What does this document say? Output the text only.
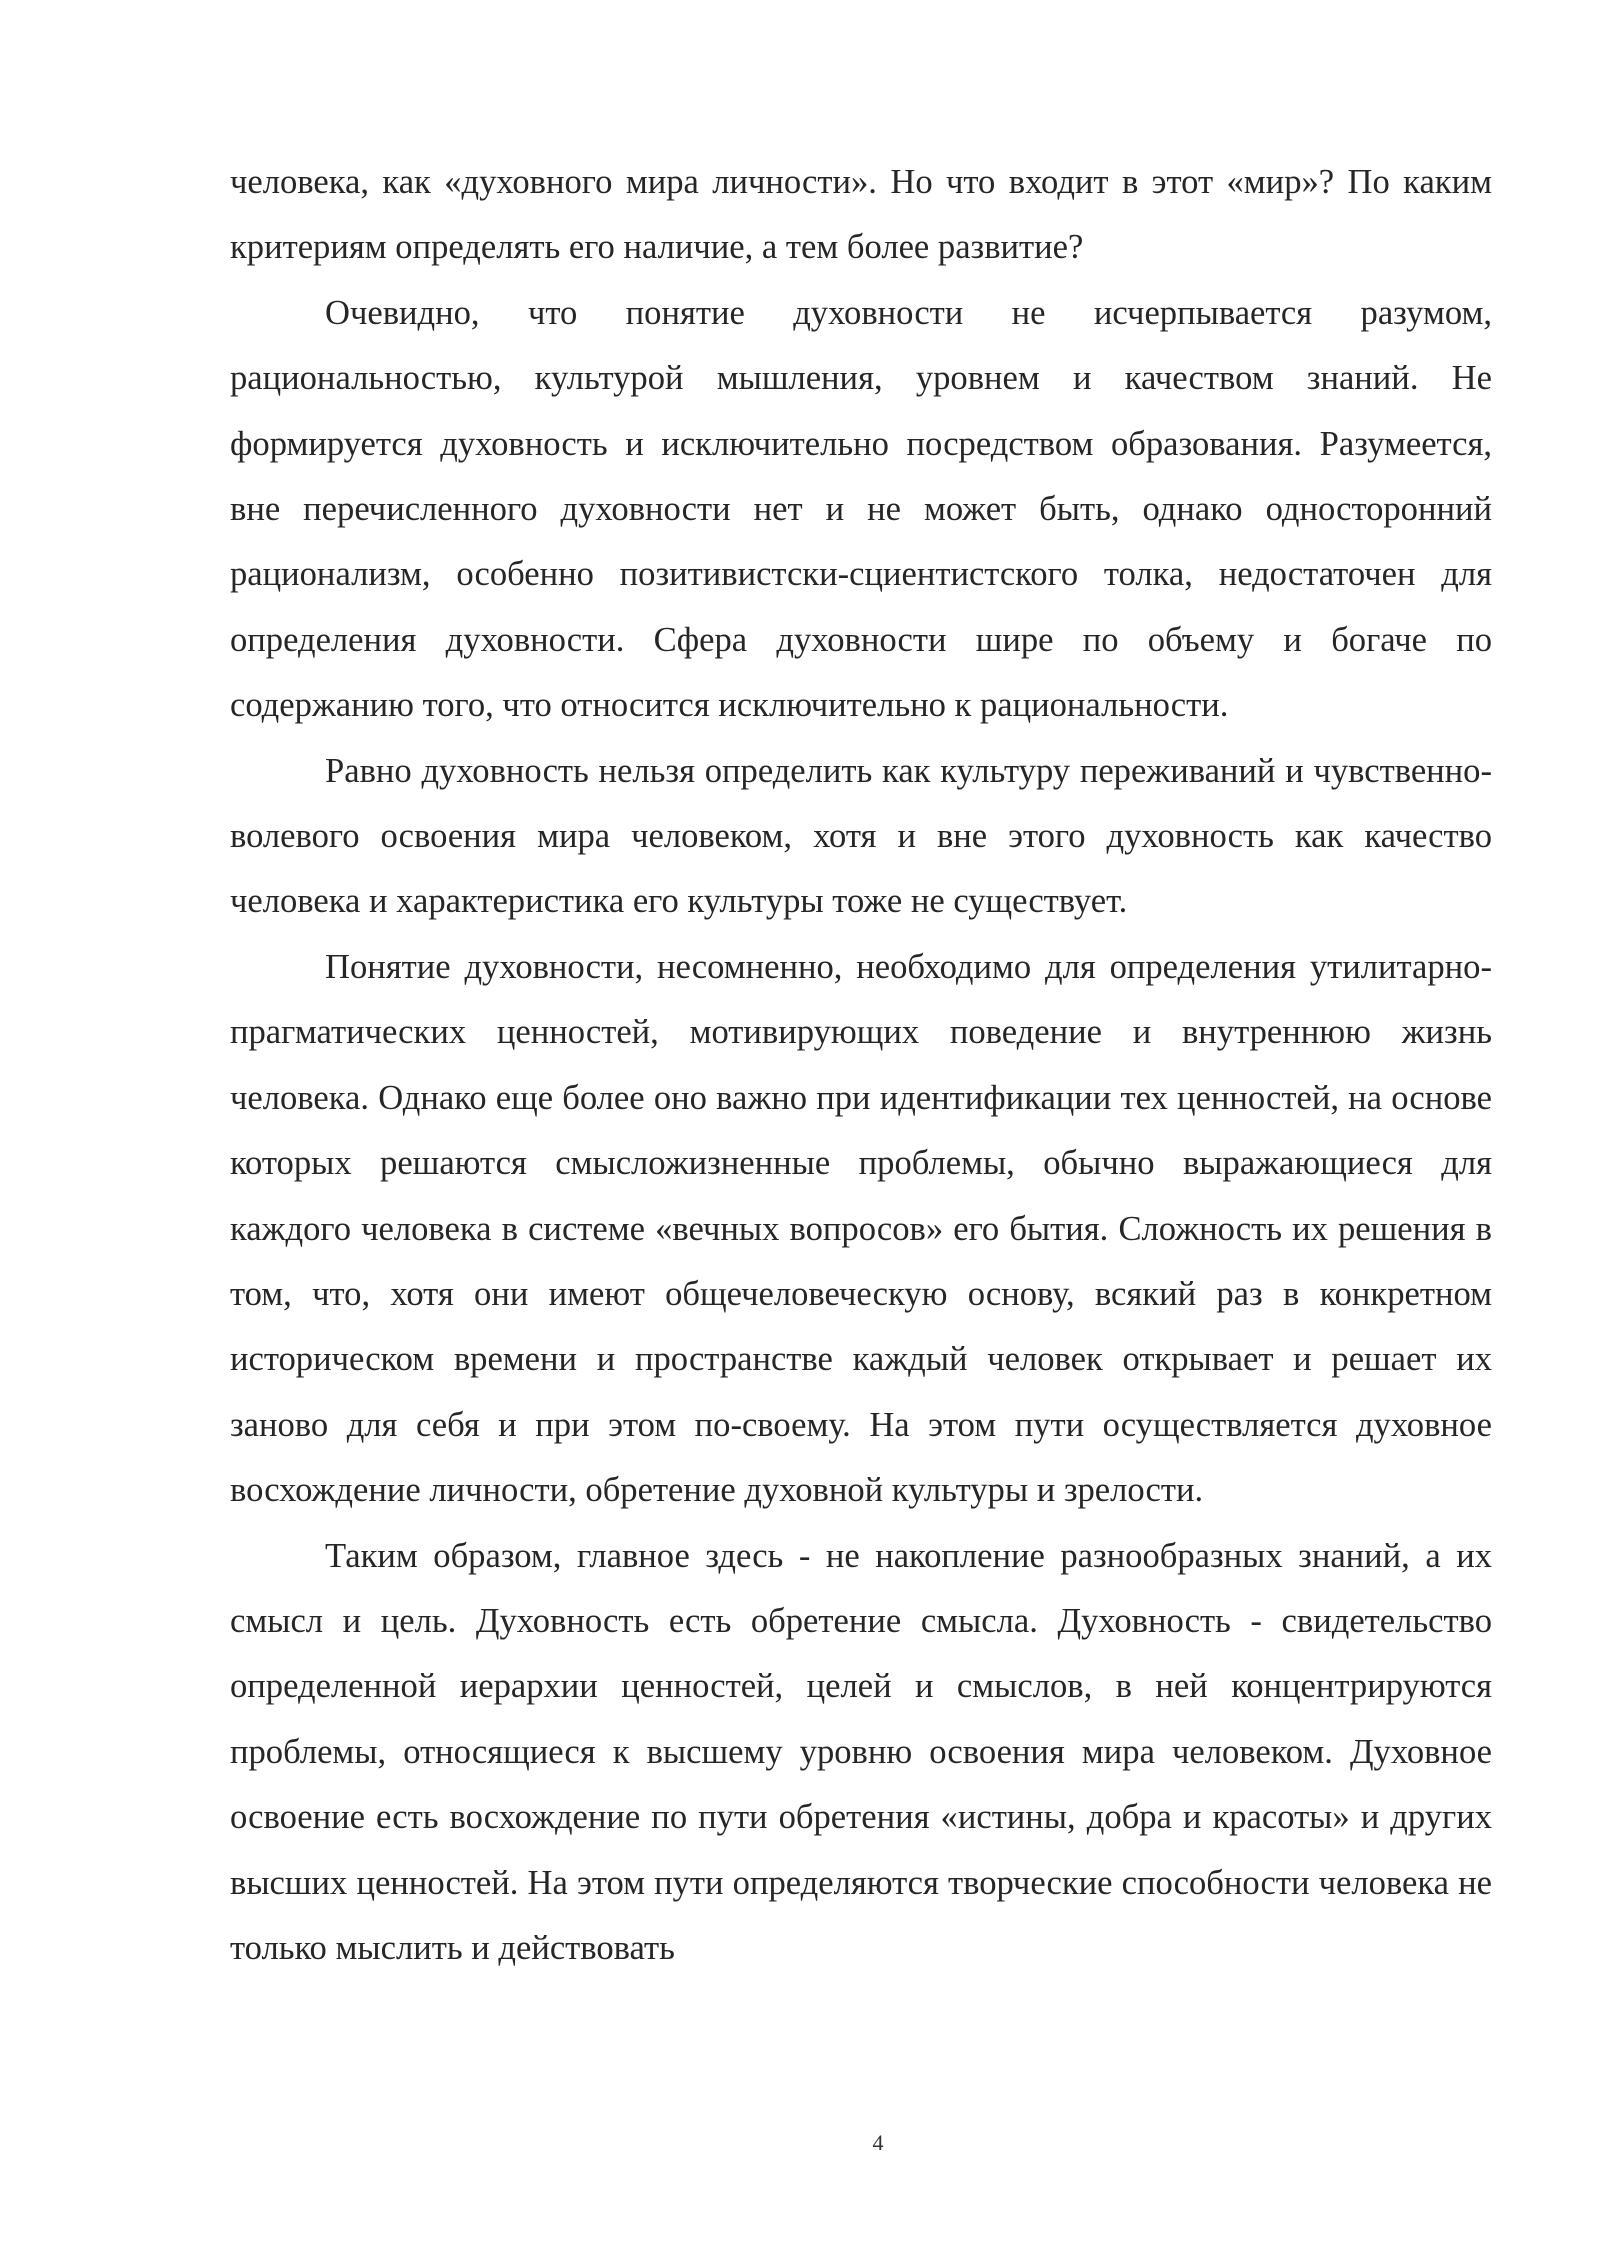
человека, как «духовного мира личности». Но что входит в этот «мир»? По каким критериям определять его наличие, а тем более развитие?

Очевидно, что понятие духовности не исчерпывается разумом, рациональностью, культурой мышления, уровнем и качеством знаний. Не формируется духовность и исключительно посредством образования. Разумеется, вне перечисленного духовности нет и не может быть, однако односторонний рационализм, особенно позитивистски-сциентистского толка, недостаточен для определения духовности. Сфера духовности шире по объему и богаче по содержанию того, что относится исключительно к рациональности.

Равно духовность нельзя определить как культуру переживаний и чувственно-волевого освоения мира человеком, хотя и вне этого духовность как качество человека и характеристика его культуры тоже не существует.

Понятие духовности, несомненно, необходимо для определения утилитарно-прагматических ценностей, мотивирующих поведение и внутреннюю жизнь человека. Однако еще более оно важно при идентификации тех ценностей, на основе которых решаются смысложизненные проблемы, обычно выражающиеся для каждого человека в системе «вечных вопросов» его бытия. Сложность их решения в том, что, хотя они имеют общечеловеческую основу, всякий раз в конкретном историческом времени и пространстве каждый человек открывает и решает их заново для себя и при этом по-своему. На этом пути осуществляется духовное восхождение личности, обретение духовной культуры и зрелости.

Таким образом, главное здесь - не накопление разнообразных знаний, а их смысл и цель. Духовность есть обретение смысла. Духовность - свидетельство определенной иерархии ценностей, целей и смыслов, в ней концентрируются проблемы, относящиеся к высшему уровню освоения мира человеком. Духовное освоение есть восхождение по пути обретения «истины, добра и красоты» и других высших ценностей. На этом пути определяются творческие способности человека не только мыслить и действовать

4
